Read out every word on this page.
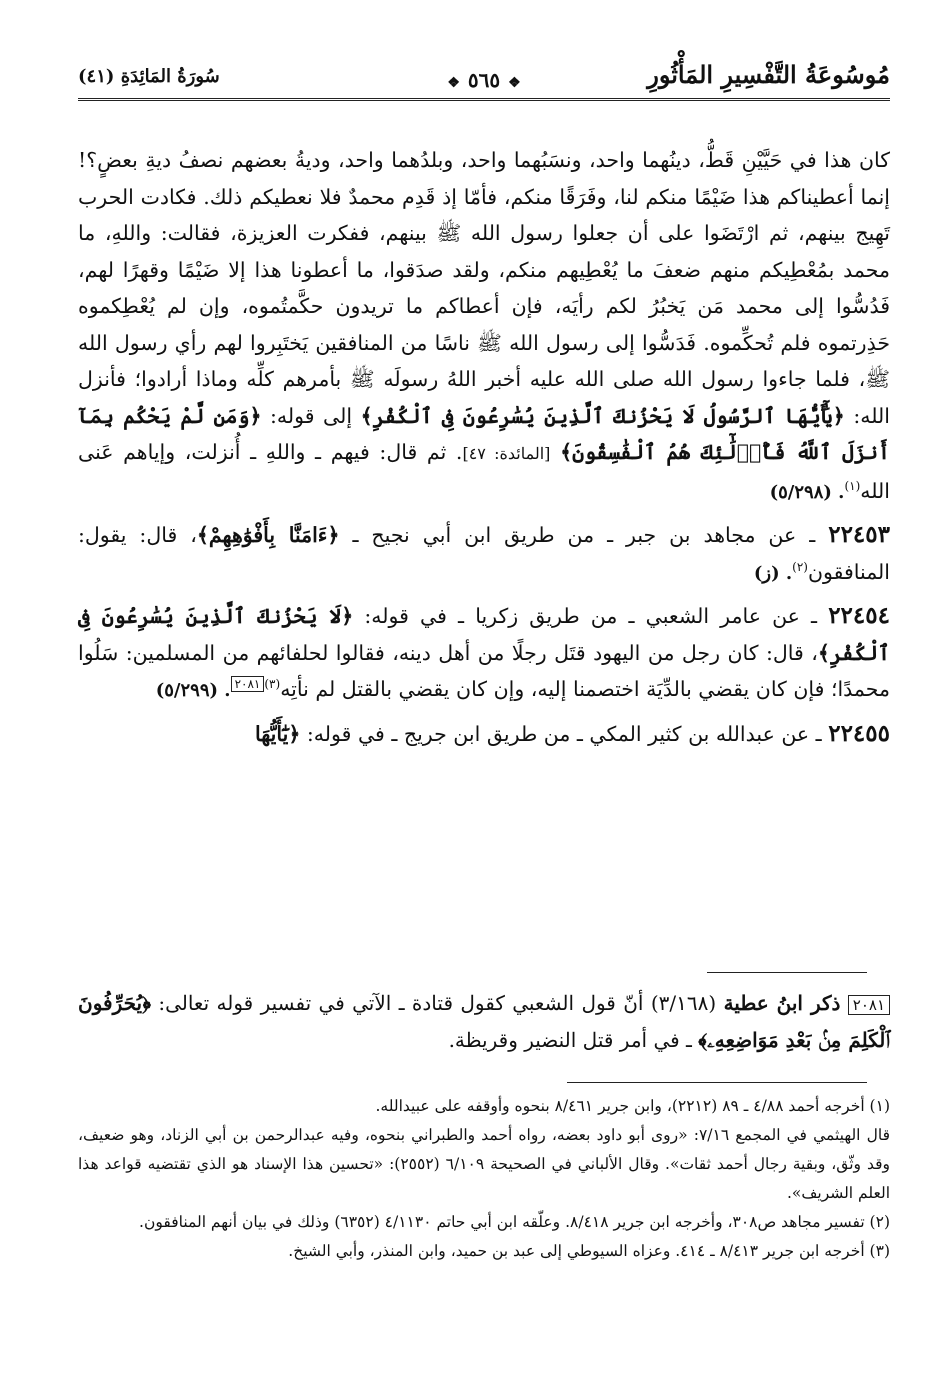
مُوسُوعَةُ التَّفْسِيرِ المَأْثُورِ
❖٥٦٥❖
سُورَةُ المَائِدَةِ (٤١)

كان هذا في حَيَّيْنِ قَطُّ، دينُهما واحد، ونسَبُهما واحد، وبلدُهما واحد، وديةُ بعضهم نصفُ ديةِ بعضٍ؟! إنما أعطيناكم هذا ضَيْمًا منكم لنا، وفَرَقًا منكم، فأمّا إذ قَدِم محمدٌ فلا نعطيكم ذلك. فكادت الحرب تَهِيج بينهم، ثم ارْتَضَوا على أن جعلوا رسول الله ﷺ بينهم، ففكرت العزيزة، فقالت: واللهِ، ما محمد بمُعْطِيكم منهم ضعفَ ما يُعْطِيهم منكم، ولقد صدَقوا، ما أعطونا هذا إلا ضَيْمًا وقهرًا لهم، فَدُسُّوا إلى محمد مَن يَخبُرُ لكم رأيَه، فإن أعطاكم ما تريدون حكَّمتُموه، وإن لم يُعْطِكموه حَذِرتموه فلم تُحكِّموه. فَدَسُّوا إلى رسول الله ﷺ ناسًا من المنافقين يَختَبِروا لهم رأي رسول الله ﷺ، فلما جاءوا رسول الله صلى الله عليه أخبر اللهُ رسولَه ﷺ بأمرهم كلِّه وماذا أرادوا؛ فأنزل الله: ﴿يَٰٓأَيُّهَا ٱلرَّسُولُ لَا يَحْزُنكَ ٱلَّذِينَ يُسَٰرِعُونَ فِى ٱلْكُفْرِ﴾ إلى قوله: ﴿وَمَن لَّمْ يَحْكُم بِمَآ أَنزَلَ ٱللَّهُ فَأُو۟لَٰٓئِكَ هُمُ ٱلْفَٰسِقُونَ﴾ [المائدة: ٤٧]. ثم قال: فيهم ـ واللهِ ـ أُنزلت، وإياهم عَنى الله$^{(١)}$. (٥/٢٩٨)

٢٢٤٥٣ ـ عن مجاهد بن جبر ـ من طريق ابن أبي نجيح ـ ﴿ءَامَنَّا بِأَفْوَٰهِهِمْ﴾، قال: يقول: المنافقون$^{(٢)}$. (ز)

٢٢٤٥٤ ـ عن عامر الشعبي ـ من طريق زكريا ـ في قوله: ﴿لَا يَحْزُنكَ ٱلَّذِينَ يُسَٰرِعُونَ فِى ٱلْكُفْرِ﴾، قال: كان رجل من اليهود قتَل رجلًا من أهل دينه، فقالوا لحلفائهم من المسلمين: سَلُوا محمدًا؛ فإن كان يقضي بالدِّيَة اختصمنا إليه، وإن كان يقضي بالقتل لم نأتِه$^{(٣)}$٢٠٨١. (٥/٢٩٩)

٢٢٤٥٥ ـ عن عبدالله بن كثير المكي ـ من طريق ابن جريج ـ في قوله: ﴿يَٰٓأَيُّهَا

٢٠٨١ ذكر ابنُ عطية (٣/١٦٨) أنّ قول الشعبي كقول قتادة ـ الآتي في تفسير قوله تعالى: ﴿يُحَرِّفُونَ ٱلْكَلِمَ مِنۢ بَعْدِ مَوَاضِعِهِۦ﴾ ـ في أمر قتل النضير وقريظة.

(١) أخرجه أحمد ٤/٨٨ ـ ٨٩ (٢٢١٢)، وابن جرير ٨/٤٦١ بنحوه وأوقفه على عبيدالله.

قال الهيثمي في المجمع ٧/١٦: «روى أبو داود بعضه، رواه أحمد والطبراني بنحوه، وفيه عبدالرحمن بن أبي الزناد، وهو ضعيف، وقد وثّق، وبقية رجال أحمد ثقات». وقال الألباني في الصحيحة ٦/١٠٩ (٢٥٥٢): «تحسين هذا الإسناد هو الذي تقتضيه قواعد هذا العلم الشريف».

(٢) تفسير مجاهد ص٣٠٨، وأخرجه ابن جرير ٨/٤١٨. وعلّقه ابن أبي حاتم ٤/١١٣٠ (٦٣٥٢) وذلك في بيان أنهم المنافقون.

(٣) أخرجه ابن جرير ٨/٤١٣ ـ ٤١٤. وعزاه السيوطي إلى عبد بن حميد، وابن المنذر، وأبي الشيخ.
